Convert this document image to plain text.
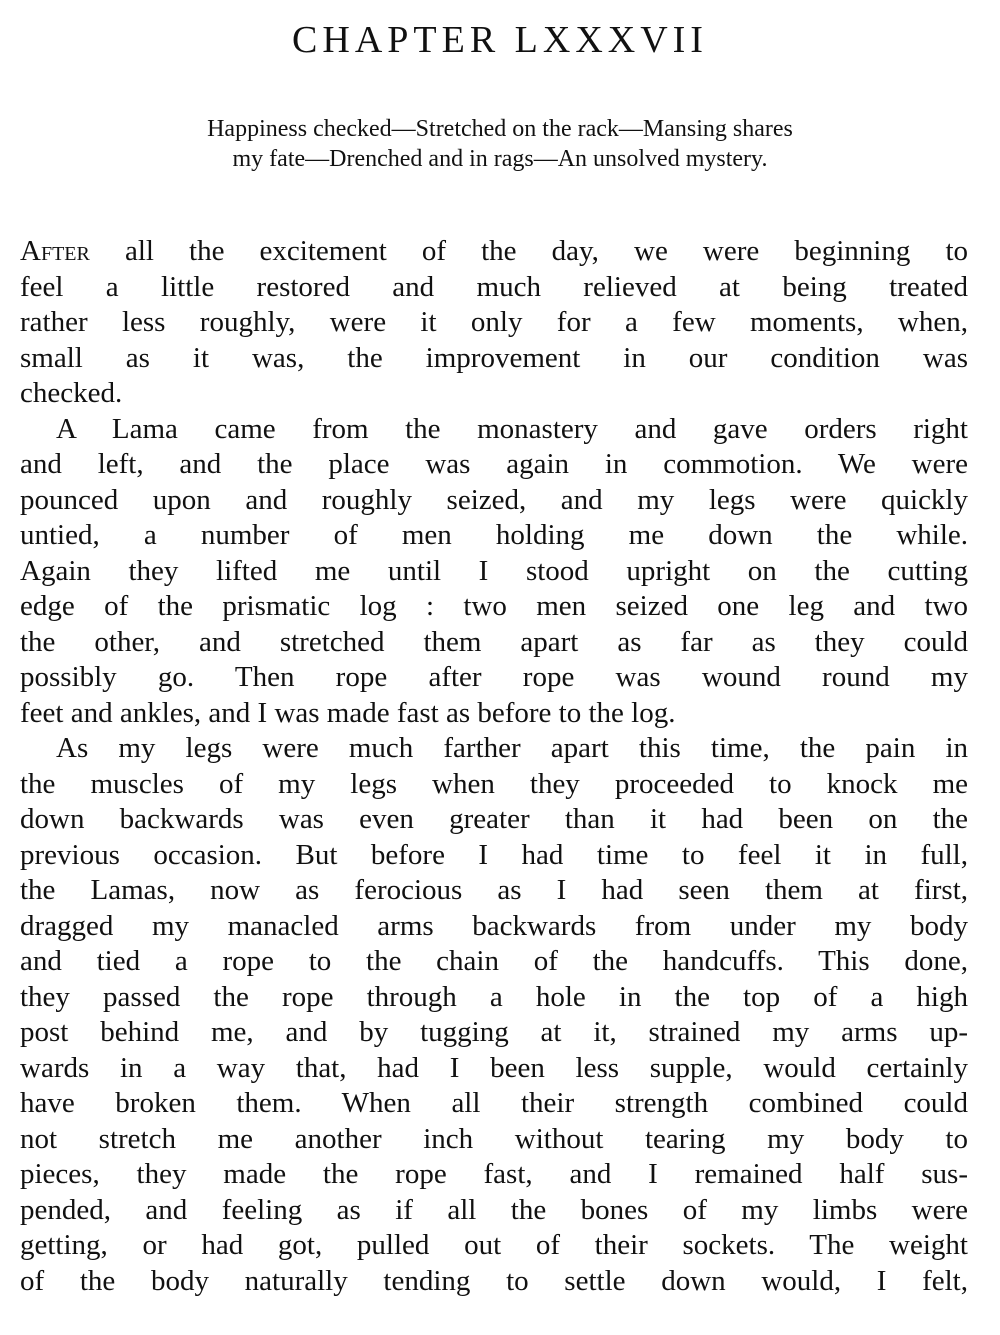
CHAPTER LXXXVII
Happiness checked—Stretched on the rack—Mansing shares
my fate—Drenched and in rags—An unsolved mystery.
After all the excitement of the day, we were beginning to
feel a little restored and much relieved at being treated
rather less roughly, were it only for a few moments, when,
small as it was, the improvement in our condition was
checked.
A Lama came from the monastery and gave orders right
and left, and the place was again in commotion. We were
pounced upon and roughly seized, and my legs were quickly
untied, a number of men holding me down the while.
Again they lifted me until I stood upright on the cutting
edge of the prismatic log : two men seized one leg and two
the other, and stretched them apart as far as they could
possibly go. Then rope after rope was wound round my
feet and ankles, and I was made fast as before to the log.
As my legs were much farther apart this time, the pain in
the muscles of my legs when they proceeded to knock me
down backwards was even greater than it had been on the
previous occasion. But before I had time to feel it in full,
the Lamas, now as ferocious as I had seen them at first,
dragged my manacled arms backwards from under my body
and tied a rope to the chain of the handcuffs. This done,
they passed the rope through a hole in the top of a high
post behind me, and by tugging at it, strained my arms up-
wards in a way that, had I been less supple, would certainly
have broken them. When all their strength combined could
not stretch me another inch without tearing my body to
pieces, they made the rope fast, and I remained half sus-
pended, and feeling as if all the bones of my limbs were
getting, or had got, pulled out of their sockets. The weight
of the body naturally tending to settle down would, I felt,
